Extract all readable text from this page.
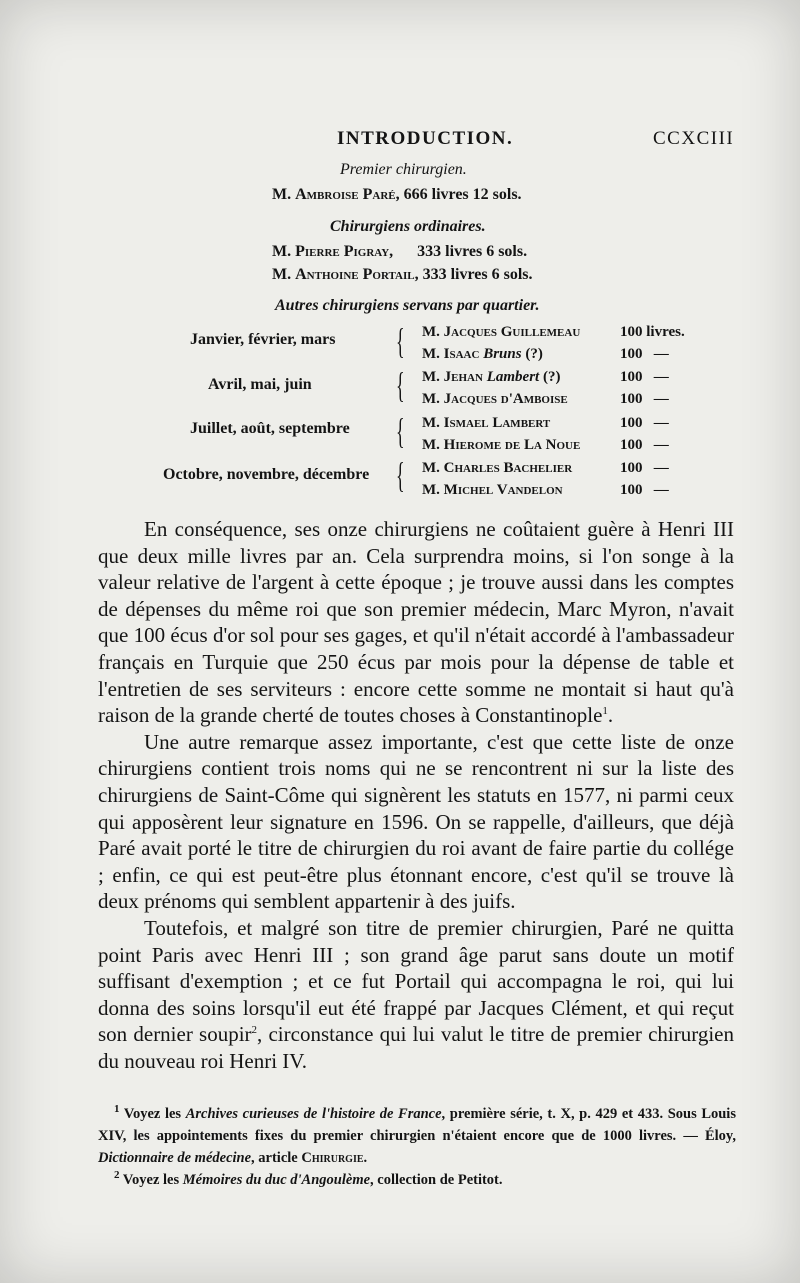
INTRODUCTION.	CCXCIII
Premier chirurgien.
M. Ambroise Paré, 666 livres 12 sols.
Chirurgiens ordinaires.
M. Pierre Pigray,      333 livres 6 sols.
M. Anthoine Portail, 333 livres 6 sols.
Autres chirurgiens servans par quartier.
Janvier, février, mars { M. Jacques Guillemeau	100 livres.
M. Isaac Bruns (?)	100   —
Avril, mai, juin { M. Jehan Lambert (?)	100   —
M. Jacques d'Amboise	100   —
Juillet, août, septembre { M. Ismael Lambert	100   —
M. Hierome de La Noue	100   —
Octobre, novembre, décembre { M. Charles Bachelier	100   —
M. Michel Vandelon	100   —

En conséquence, ses onze chirurgiens ne coûtaient guère à Henri III que deux mille livres par an. Cela surprendra moins, si l'on songe à la valeur relative de l'argent à cette époque ; je trouve aussi dans les comptes de dépenses du même roi que son premier médecin, Marc Myron, n'avait que 100 écus d'or sol pour ses gages, et qu'il n'était accordé à l'ambassadeur français en Turquie que 250 écus par mois pour la dépense de table et l'entretien de ses serviteurs : encore cette somme ne montait si haut qu'à raison de la grande cherté de toutes choses à Constantinople$^1$.

Une autre remarque assez importante, c'est que cette liste de onze chirurgiens contient trois noms qui ne se rencontrent ni sur la liste des chirurgiens de Saint-Côme qui signèrent les statuts en 1577, ni parmi ceux qui apposèrent leur signature en 1596. On se rappelle, d'ailleurs, que déjà Paré avait porté le titre de chirurgien du roi avant de faire partie du collége ; enfin, ce qui est peut-être plus étonnant encore, c'est qu'il se trouve là deux prénoms qui semblent appartenir à des juifs.

Toutefois, et malgré son titre de premier chirurgien, Paré ne quitta point Paris avec Henri III ; son grand âge parut sans doute un motif suffisant d'exemption ; et ce fut Portail qui accompagna le roi, qui lui donna des soins lorsqu'il eut été frappé par Jacques Clément, et qui reçut son dernier soupir$^2$, circonstance qui lui valut le titre de premier chirurgien du nouveau roi Henri IV.

$^1$ Voyez les Archives curieuses de l'histoire de France, première série, t. X, p. 429 et 433. Sous Louis XIV, les appointements fixes du premier chirurgien n'étaient encore que de 1000 livres. — Éloy, Dictionnaire de médecine, article Chirurgie.

$^2$ Voyez les Mémoires du duc d'Angoulème, collection de Petitot.
